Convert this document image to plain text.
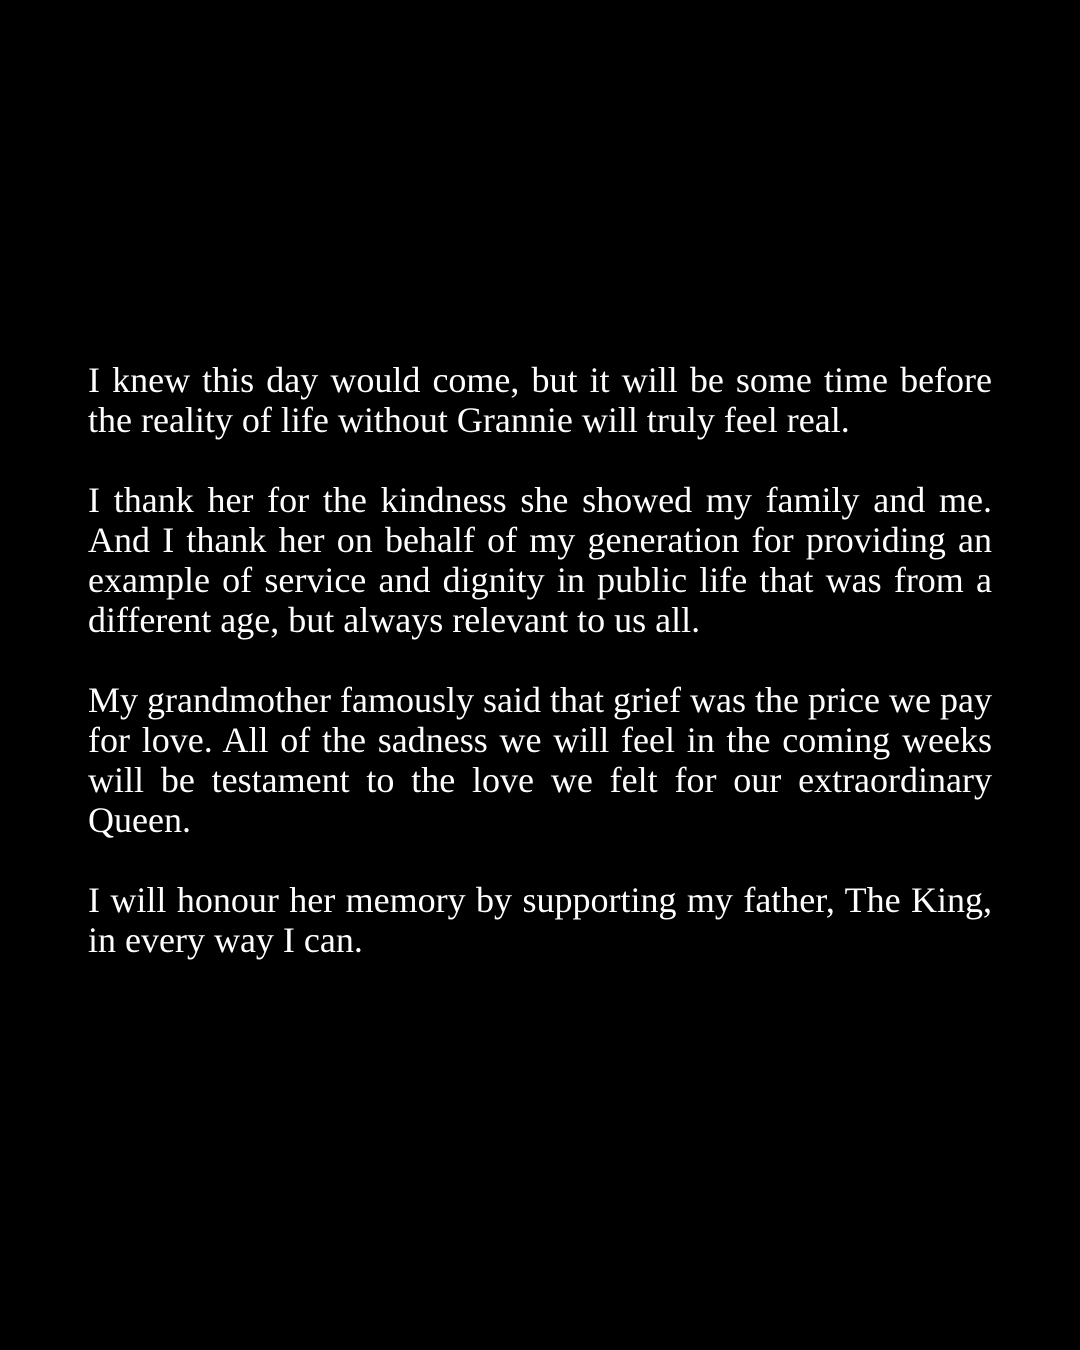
I knew this day would come, but it will be some time before the reality of life without Grannie will truly feel real.

I thank her for the kindness she showed my family and me. And I thank her on behalf of my generation for providing an example of service and dignity in public life that was from a different age, but always relevant to us all.

My grandmother famously said that grief was the price we pay for love. All of the sadness we will feel in the coming weeks will be testament to the love we felt for our extraordinary Queen.

I will honour her memory by supporting my father, The King, in every way I can.
